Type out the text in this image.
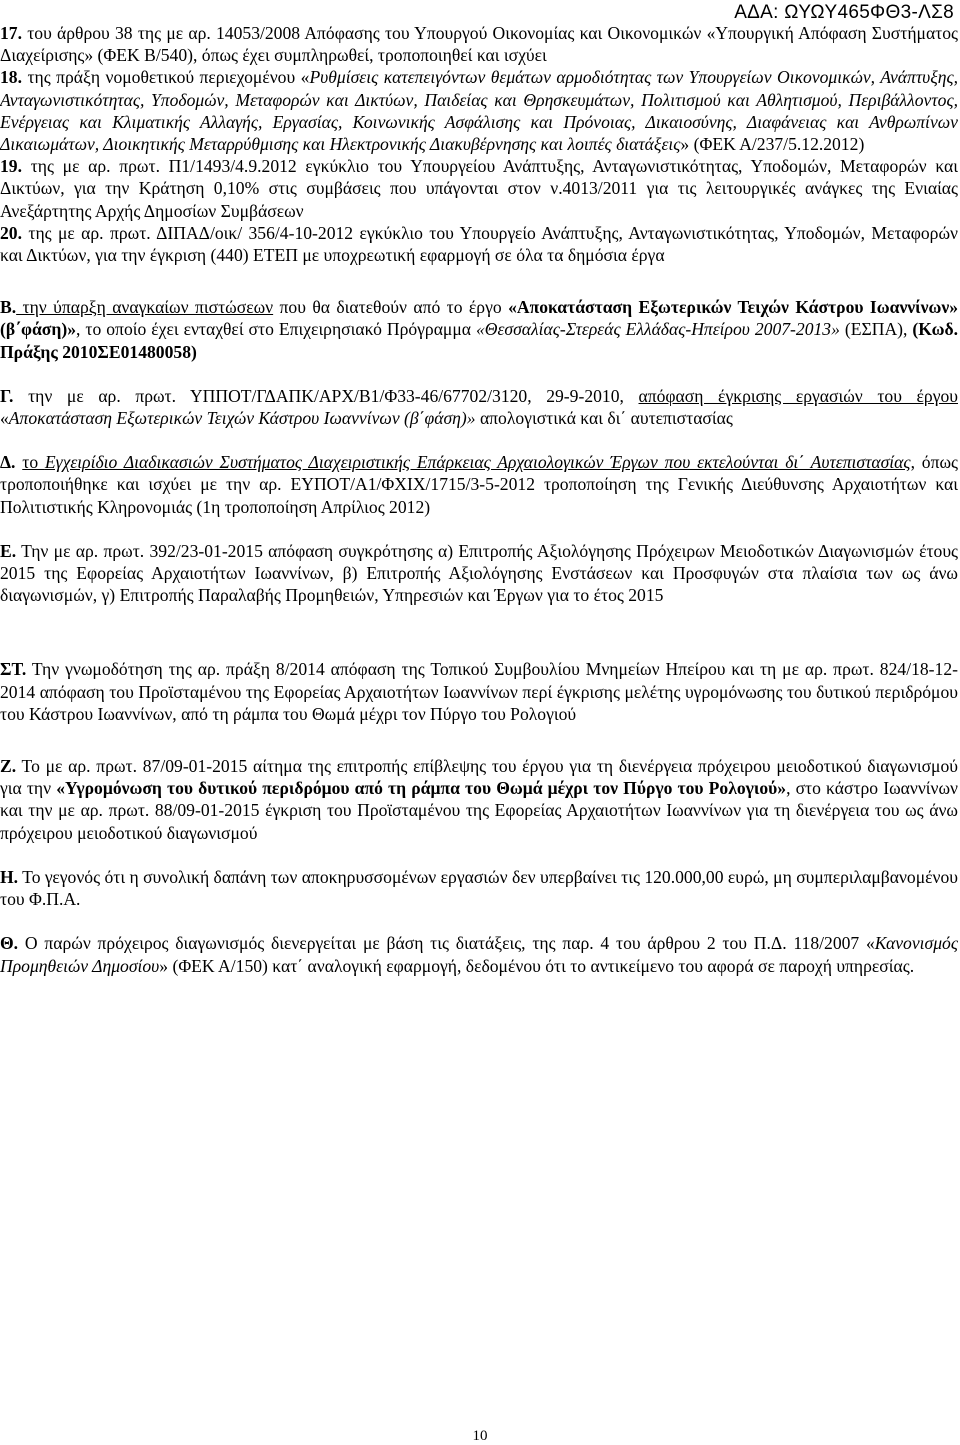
ΑΔΑ: ΩΥΩΥ465ΦΘ3-ΛΣ8

17. του άρθρου 38 της με αρ. 14053/2008 Απόφασης του Υπουργού Οικονομίας και Οικονομικών «Υπουργική Απόφαση Συστήματος Διαχείρισης» (ΦΕΚ Β/540), όπως έχει συμπληρωθεί, τροποποιηθεί και ισχύει

18. της πράξη νομοθετικού περιεχομένου «Ρυθμίσεις κατεπειγόντων θεμάτων αρμοδιότητας των Υπουργείων Οικονομικών, Ανάπτυξης, Ανταγωνιστικότητας, Υποδομών, Μεταφορών και Δικτύων, Παιδείας και Θρησκευμάτων, Πολιτισμού και Αθλητισμού, Περιβάλλοντος, Ενέργειας και Κλιματικής Αλλαγής, Εργασίας, Κοινωνικής Ασφάλισης και Πρόνοιας, Δικαιοσύνης, Διαφάνειας και Ανθρωπίνων Δικαιωμάτων, Διοικητικής Μεταρρύθμισης και Ηλεκτρονικής Διακυβέρνησης και λοιπές διατάξεις» (ΦΕΚ Α/237/5.12.2012)

19. της με αρ. πρωτ. Π1/1493/4.9.2012 εγκύκλιο του Υπουργείου Ανάπτυξης, Ανταγωνιστικότητας, Υποδομών, Μεταφορών και Δικτύων, για την Κράτηση 0,10% στις συμβάσεις που υπάγονται στον ν.4013/2011 για τις λειτουργικές ανάγκες της Ενιαίας Ανεξάρτητης Αρχής Δημοσίων Συμβάσεων

20. της με αρ. πρωτ. ΔΙΠΑΔ/οικ/ 356/4-10-2012 εγκύκλιο του Υπουργείο Ανάπτυξης, Ανταγωνιστικότητας, Υποδομών, Μεταφορών και Δικτύων, για την έγκριση (440) ΕΤΕΠ με υποχρεωτική εφαρμογή σε όλα τα δημόσια έργα

Β. την ύπαρξη αναγκαίων πιστώσεων που θα διατεθούν από το έργο «Αποκατάσταση Εξωτερικών Τειχών Κάστρου Ιωαννίνων» (β΄φάση)», το οποίο έχει ενταχθεί στο Επιχειρησιακό Πρόγραμμα «Θεσσαλίας-Στερεάς Ελλάδας-Ηπείρου 2007-2013» (ΕΣΠΑ), (Κωδ. Πράξης 2010ΣΕ01480058)

Γ. την με αρ. πρωτ. ΥΠΠΟΤ/ΓΔΑΠΚ/ΑΡΧ/Β1/Φ33-46/67702/3120, 29-9-2010, απόφαση έγκρισης εργασιών του έργου «Αποκατάσταση Εξωτερικών Τειχών Κάστρου Ιωαννίνων (β΄φάση)» απολογιστικά και δι΄ αυτεπιστασίας

Δ. το Εγχειρίδιο Διαδικασιών Συστήματος Διαχειριστικής Επάρκειας Αρχαιολογικών Έργων που εκτελούνται δι΄ Αυτεπιστασίας, όπως τροποποιήθηκε και ισχύει με την αρ. ΕΥΠΟΤ/Α1/ΦΧΙΧ/1715/3-5-2012 τροποποίηση της Γενικής Διεύθυνσης Αρχαιοτήτων και Πολιτιστικής Κληρονομιάς (1η τροποποίηση Απρίλιος 2012)

Ε. Την με αρ. πρωτ. 392/23-01-2015 απόφαση συγκρότησης α) Επιτροπής Αξιολόγησης Πρόχειρων Μειοδοτικών Διαγωνισμών έτους 2015 της Εφορείας Αρχαιοτήτων Ιωαννίνων, β) Επιτροπής Αξιολόγησης Ενστάσεων και Προσφυγών στα πλαίσια των ως άνω διαγωνισμών, γ) Επιτροπής Παραλαβής Προμηθειών, Υπηρεσιών και Έργων για το έτος 2015

ΣΤ. Την γνωμοδότηση της αρ. πράξη 8/2014 απόφαση της Τοπικού Συμβουλίου Μνημείων Ηπείρου και τη με αρ. πρωτ. 824/18-12-2014 απόφαση του Προϊσταμένου της Εφορείας Αρχαιοτήτων Ιωαννίνων περί έγκρισης μελέτης υγρομόνωσης του δυτικού περιδρόμου του Κάστρου Ιωαννίνων, από τη ράμπα του Θωμά μέχρι τον Πύργο του Ρολογιού

Ζ. Το με αρ. πρωτ. 87/09-01-2015 αίτημα της επιτροπής επίβλεψης του έργου για τη διενέργεια πρόχειρου μειοδοτικού διαγωνισμού για την «Υγρομόνωση του δυτικού περιδρόμου από τη ράμπα του Θωμά μέχρι τον Πύργο του Ρολογιού», στο κάστρο Ιωαννίνων και την με αρ. πρωτ. 88/09-01-2015 έγκριση του Προϊσταμένου της Εφορείας Αρχαιοτήτων Ιωαννίνων για τη διενέργεια του ως άνω πρόχειρου μειοδοτικού διαγωνισμού

Η. Το γεγονός ότι η συνολική δαπάνη των αποκηρυσσομένων εργασιών δεν υπερβαίνει τις 120.000,00 ευρώ, μη συμπεριλαμβανομένου του Φ.Π.Α.

Θ. Ο παρών πρόχειρος διαγωνισμός διενεργείται με βάση τις διατάξεις, της παρ. 4 του άρθρου 2 του Π.Δ. 118/2007 «Κανονισμός Προμηθειών Δημοσίου» (ΦΕΚ Α/150) κατ΄ αναλογική εφαρμογή, δεδομένου ότι το αντικείμενο του αφορά σε παροχή υπηρεσίας.

10
